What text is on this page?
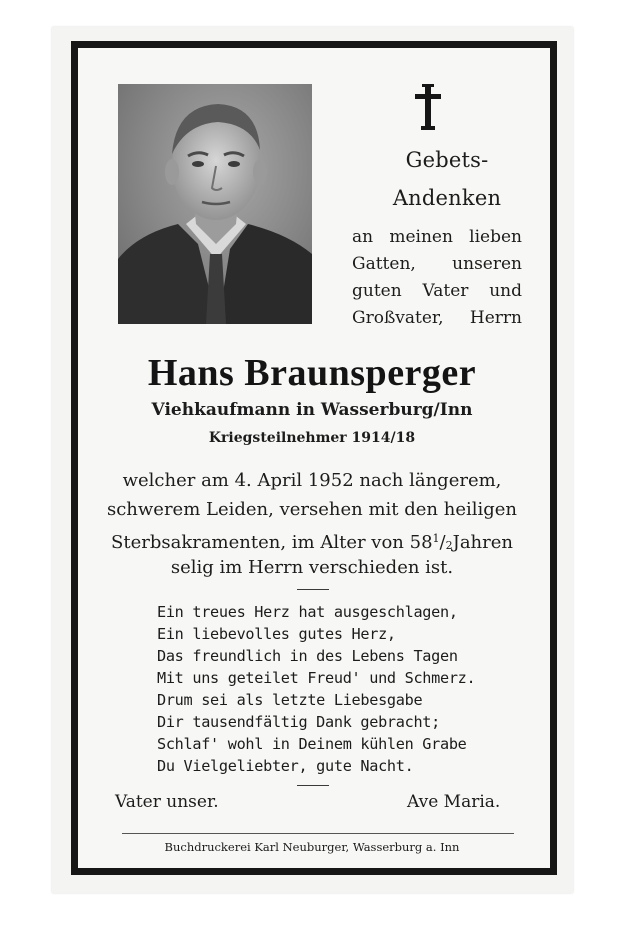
Gebets-
Andenken
an meinen lieben
Gatten, unseren
guten Vater und
Großvater, Herrn
Hans Braunsperger
Viehkaufmann in Wasserburg/Inn
Kriegsteilnehmer 1914/18
welcher am 4. April 1952 nach längerem,
schwerem Leiden, versehen mit den heiligen
Sterbsakramenten, im Alter von $58^1/2Jahren$
selig im Herrn verschieden ist.
Ein treues Herz hat ausgeschlagen,
Ein liebevolles gutes Herz,
Das freundlich in des Lebens Tagen
Mit uns geteilet Freud' und Schmerz.
Drum sei als letzte Liebesgabe
Dir tausendfältig Dank gebracht;
Schlaf' wohl in Deinem kühlen Grabe
Du Vielgeliebter, gute Nacht.
Vater unser.	Ave Maria.
Buchdruckerei Karl Neuburger, Wasserburg a. Inn
